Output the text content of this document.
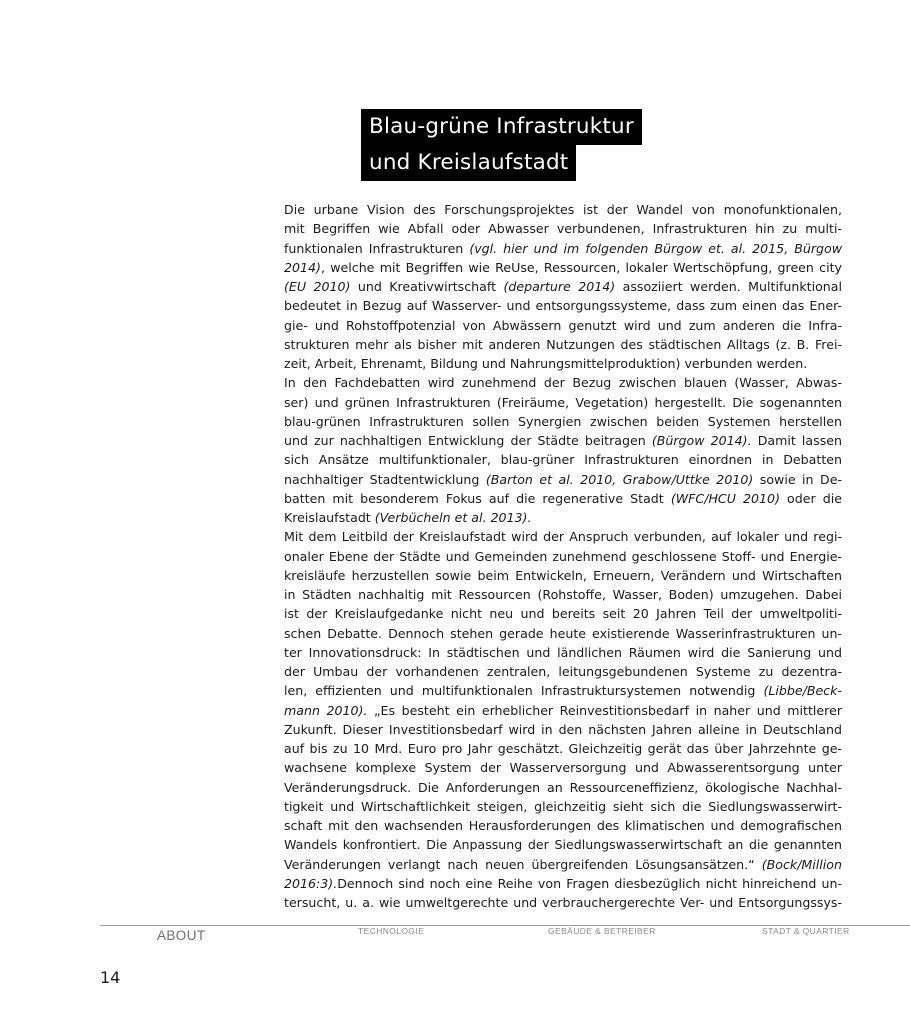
Blau-grüne Infrastruktur
und Kreislaufstadt
Die urbane Vision des Forschungsprojektes ist der Wandel von monofunktionalen,
mit Begriffen wie Abfall oder Abwasser verbundenen, Infrastrukturen hin zu multi-
funktionalen Infrastrukturen (vgl. hier und im folgenden Bürgow et. al. 2015, Bürgow
2014), welche mit Begriffen wie ReUse, Ressourcen, lokaler Wertschöpfung, green city
(EU 2010) und Kreativwirtschaft (departure 2014) assoziiert werden. Multifunktional
bedeutet in Bezug auf Wasserver- und entsorgungssysteme, dass zum einen das Ener-
gie- und Rohstoffpotenzial von Abwässern genutzt wird und zum anderen die Infra-
strukturen mehr als bisher mit anderen Nutzungen des städtischen Alltags (z. B. Frei-
zeit, Arbeit, Ehrenamt, Bildung und Nahrungsmittelproduktion) verbunden werden.
In den Fachdebatten wird zunehmend der Bezug zwischen blauen (Wasser, Abwas-
ser) und grünen Infrastrukturen (Freiräume, Vegetation) hergestellt. Die sogenannten
blau-grünen Infrastrukturen sollen Synergien zwischen beiden Systemen herstellen
und zur nachhaltigen Entwicklung der Städte beitragen (Bürgow 2014). Damit lassen
sich Ansätze multifunktionaler, blau-grüner Infrastrukturen einordnen in Debatten
nachhaltiger Stadtentwicklung (Barton et al. 2010, Grabow/Uttke 2010) sowie in De-
batten mit besonderem Fokus auf die regenerative Stadt (WFC/HCU 2010) oder die
Kreislaufstadt (Verbücheln et al. 2013).
Mit dem Leitbild der Kreislaufstadt wird der Anspruch verbunden, auf lokaler und regi-
onaler Ebene der Städte und Gemeinden zunehmend geschlossene Stoff- und Energie-
kreisläufe herzustellen sowie beim Entwickeln, Erneuern, Verändern und Wirtschaften
in Städten nachhaltig mit Ressourcen (Rohstoffe, Wasser, Boden) umzugehen. Dabei
ist der Kreislaufgedanke nicht neu und bereits seit 20 Jahren Teil der umweltpoliti-
schen Debatte. Dennoch stehen gerade heute existierende Wasserinfrastrukturen un-
ter Innovationsdruck: In städtischen und ländlichen Räumen wird die Sanierung und
der Umbau der vorhandenen zentralen, leitungsgebundenen Systeme zu dezentra-
len, effizienten und multifunktionalen Infrastruktursystemen notwendig (Libbe/Beck-
mann 2010). „Es besteht ein erheblicher Reinvestitionsbedarf in naher und mittlerer
Zukunft. Dieser Investitionsbedarf wird in den nächsten Jahren alleine in Deutschland
auf bis zu 10 Mrd. Euro pro Jahr geschätzt. Gleichzeitig gerät das über Jahrzehnte ge-
wachsene komplexe System der Wasserversorgung und Abwasserentsorgung unter
Veränderungsdruck. Die Anforderungen an Ressourceneffizienz, ökologische Nachhal-
tigkeit und Wirtschaftlichkeit steigen, gleichzeitig sieht sich die Siedlungswasserwirt-
schaft mit den wachsenden Herausforderungen des klimatischen und demografischen
Wandels konfrontiert. Die Anpassung der Siedlungswasserwirtschaft an die genannten
Veränderungen verlangt nach neuen übergreifenden Lösungsansätzen.“ (Bock/Million
2016:3).Dennoch sind noch eine Reihe von Fragen diesbezüglich nicht hinreichend un-
tersucht, u. a. wie umweltgerechte und verbrauchergerechte Ver- und Entsorgungssys-
ABOUT	TECHNOLOGIE	GEBÄUDE & BETREIBER	STADT & QUARTIER
14
